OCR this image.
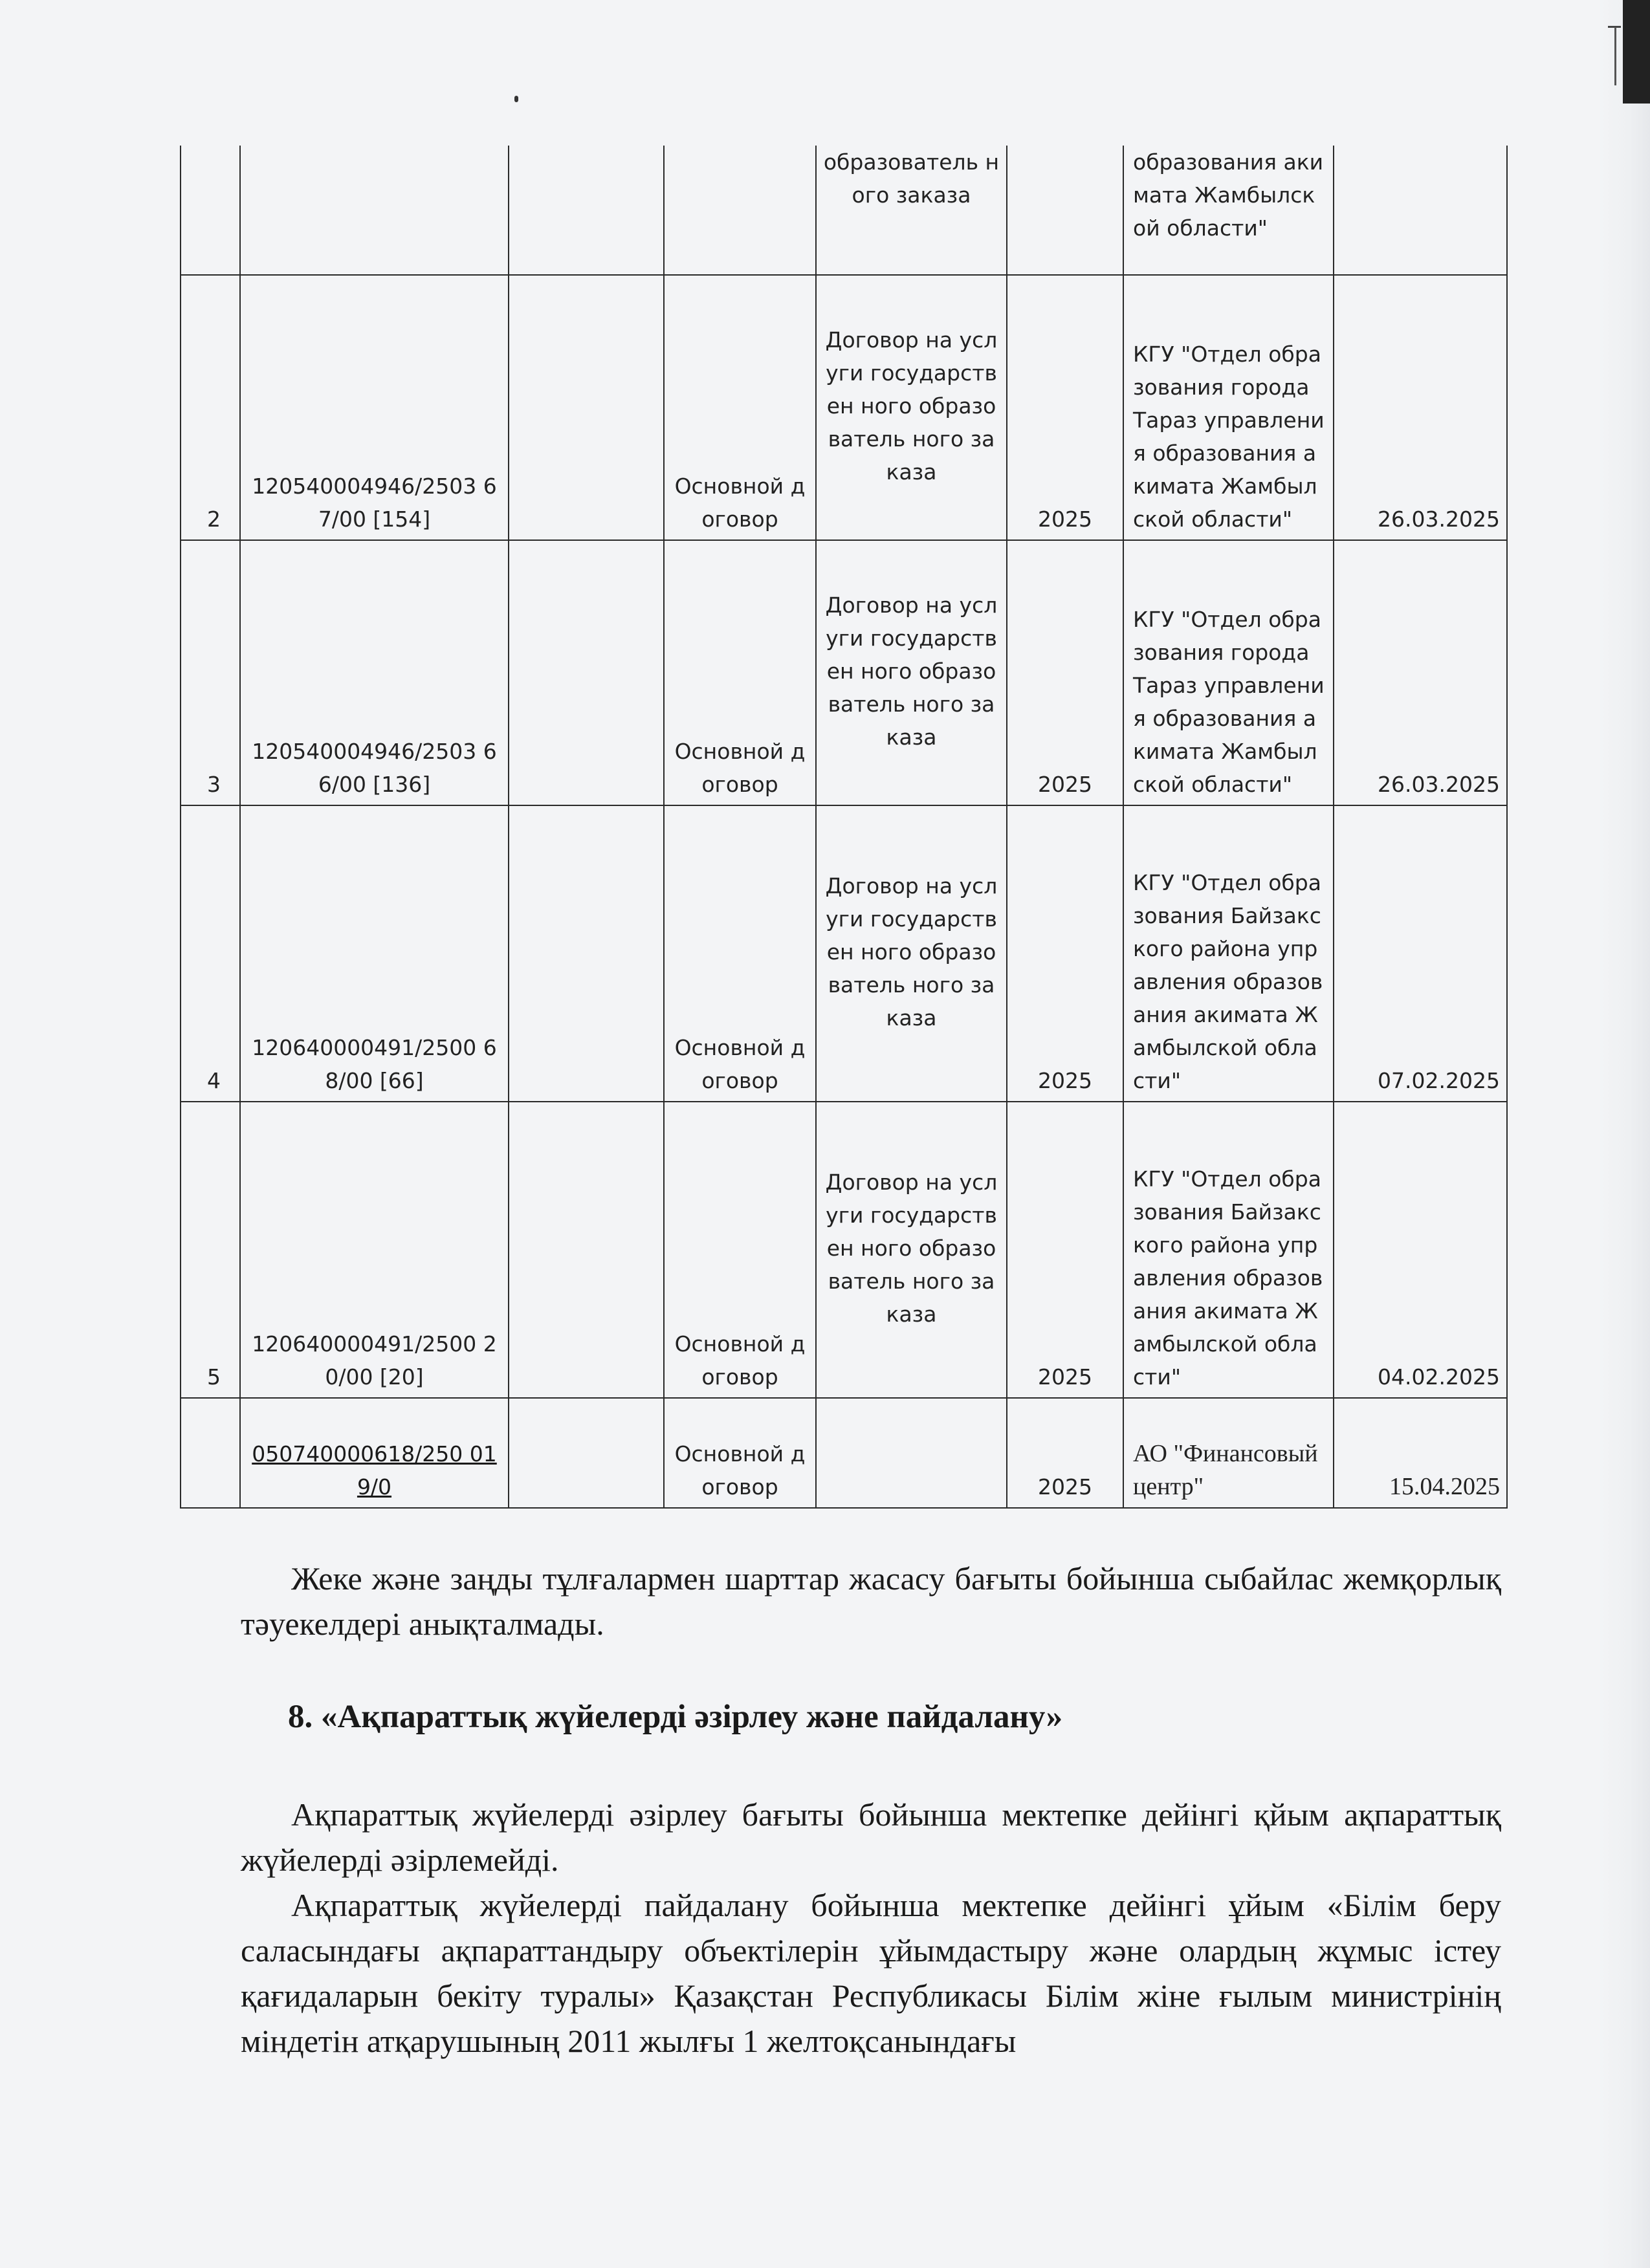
				образователь ного заказа		образования акимата Жамбылской области"	
2	120540004946/2503 67/00 [154]		Основной договор	Договор на услуги государствен ного образователь ного заказа	2025	КГУ "Отдел образования города Тараз управления образования акимата Жамбылской области"	26.03.2025
3	120540004946/2503 66/00 [136]		Основной договор	Договор на услуги государствен ного образователь ного заказа	2025	КГУ "Отдел образования города Тараз управления образования акимата Жамбылской области"	26.03.2025
4	120640000491/2500 68/00 [66]		Основной договор	Договор на услуги государствен ного образователь ного заказа	2025	КГУ "Отдел образования Байзакского района управления образования акимата Жамбылской области"	07.02.2025
5	120640000491/2500 20/00 [20]		Основной договор	Договор на услуги государствен ного образователь ного заказа	2025	КГУ "Отдел образования Байзакского района управления образования акимата Жамбылской области"	04.02.2025
	050740000618/250 019/0		Основной договор		2025	АО "Финансовый центр"	15.04.2025

Жеке және заңды тұлғалармен шарттар жасасу бағыты бойынша сыбайлас жемқорлық тәуекелдері анықталмады.

8. «Ақпараттық жүйелерді әзірлеу және пайдалану»

Ақпараттық жүйелерді әзірлеу бағыты бойынша мектепке дейінгі қйым ақпараттық жүйелерді әзірлемейді.

Ақпараттық жүйелерді пайдалану бойынша мектепке дейінгі ұйым «Білім беру саласындағы ақпараттандыру объектілерін ұйымдастыру және олардың жұмыс істеу қағидаларын бекіту туралы» Қазақстан Республикасы Білім жіне ғылым министрінің міндетін атқарушының 2011 жылғы 1 желтоқсанындағы
